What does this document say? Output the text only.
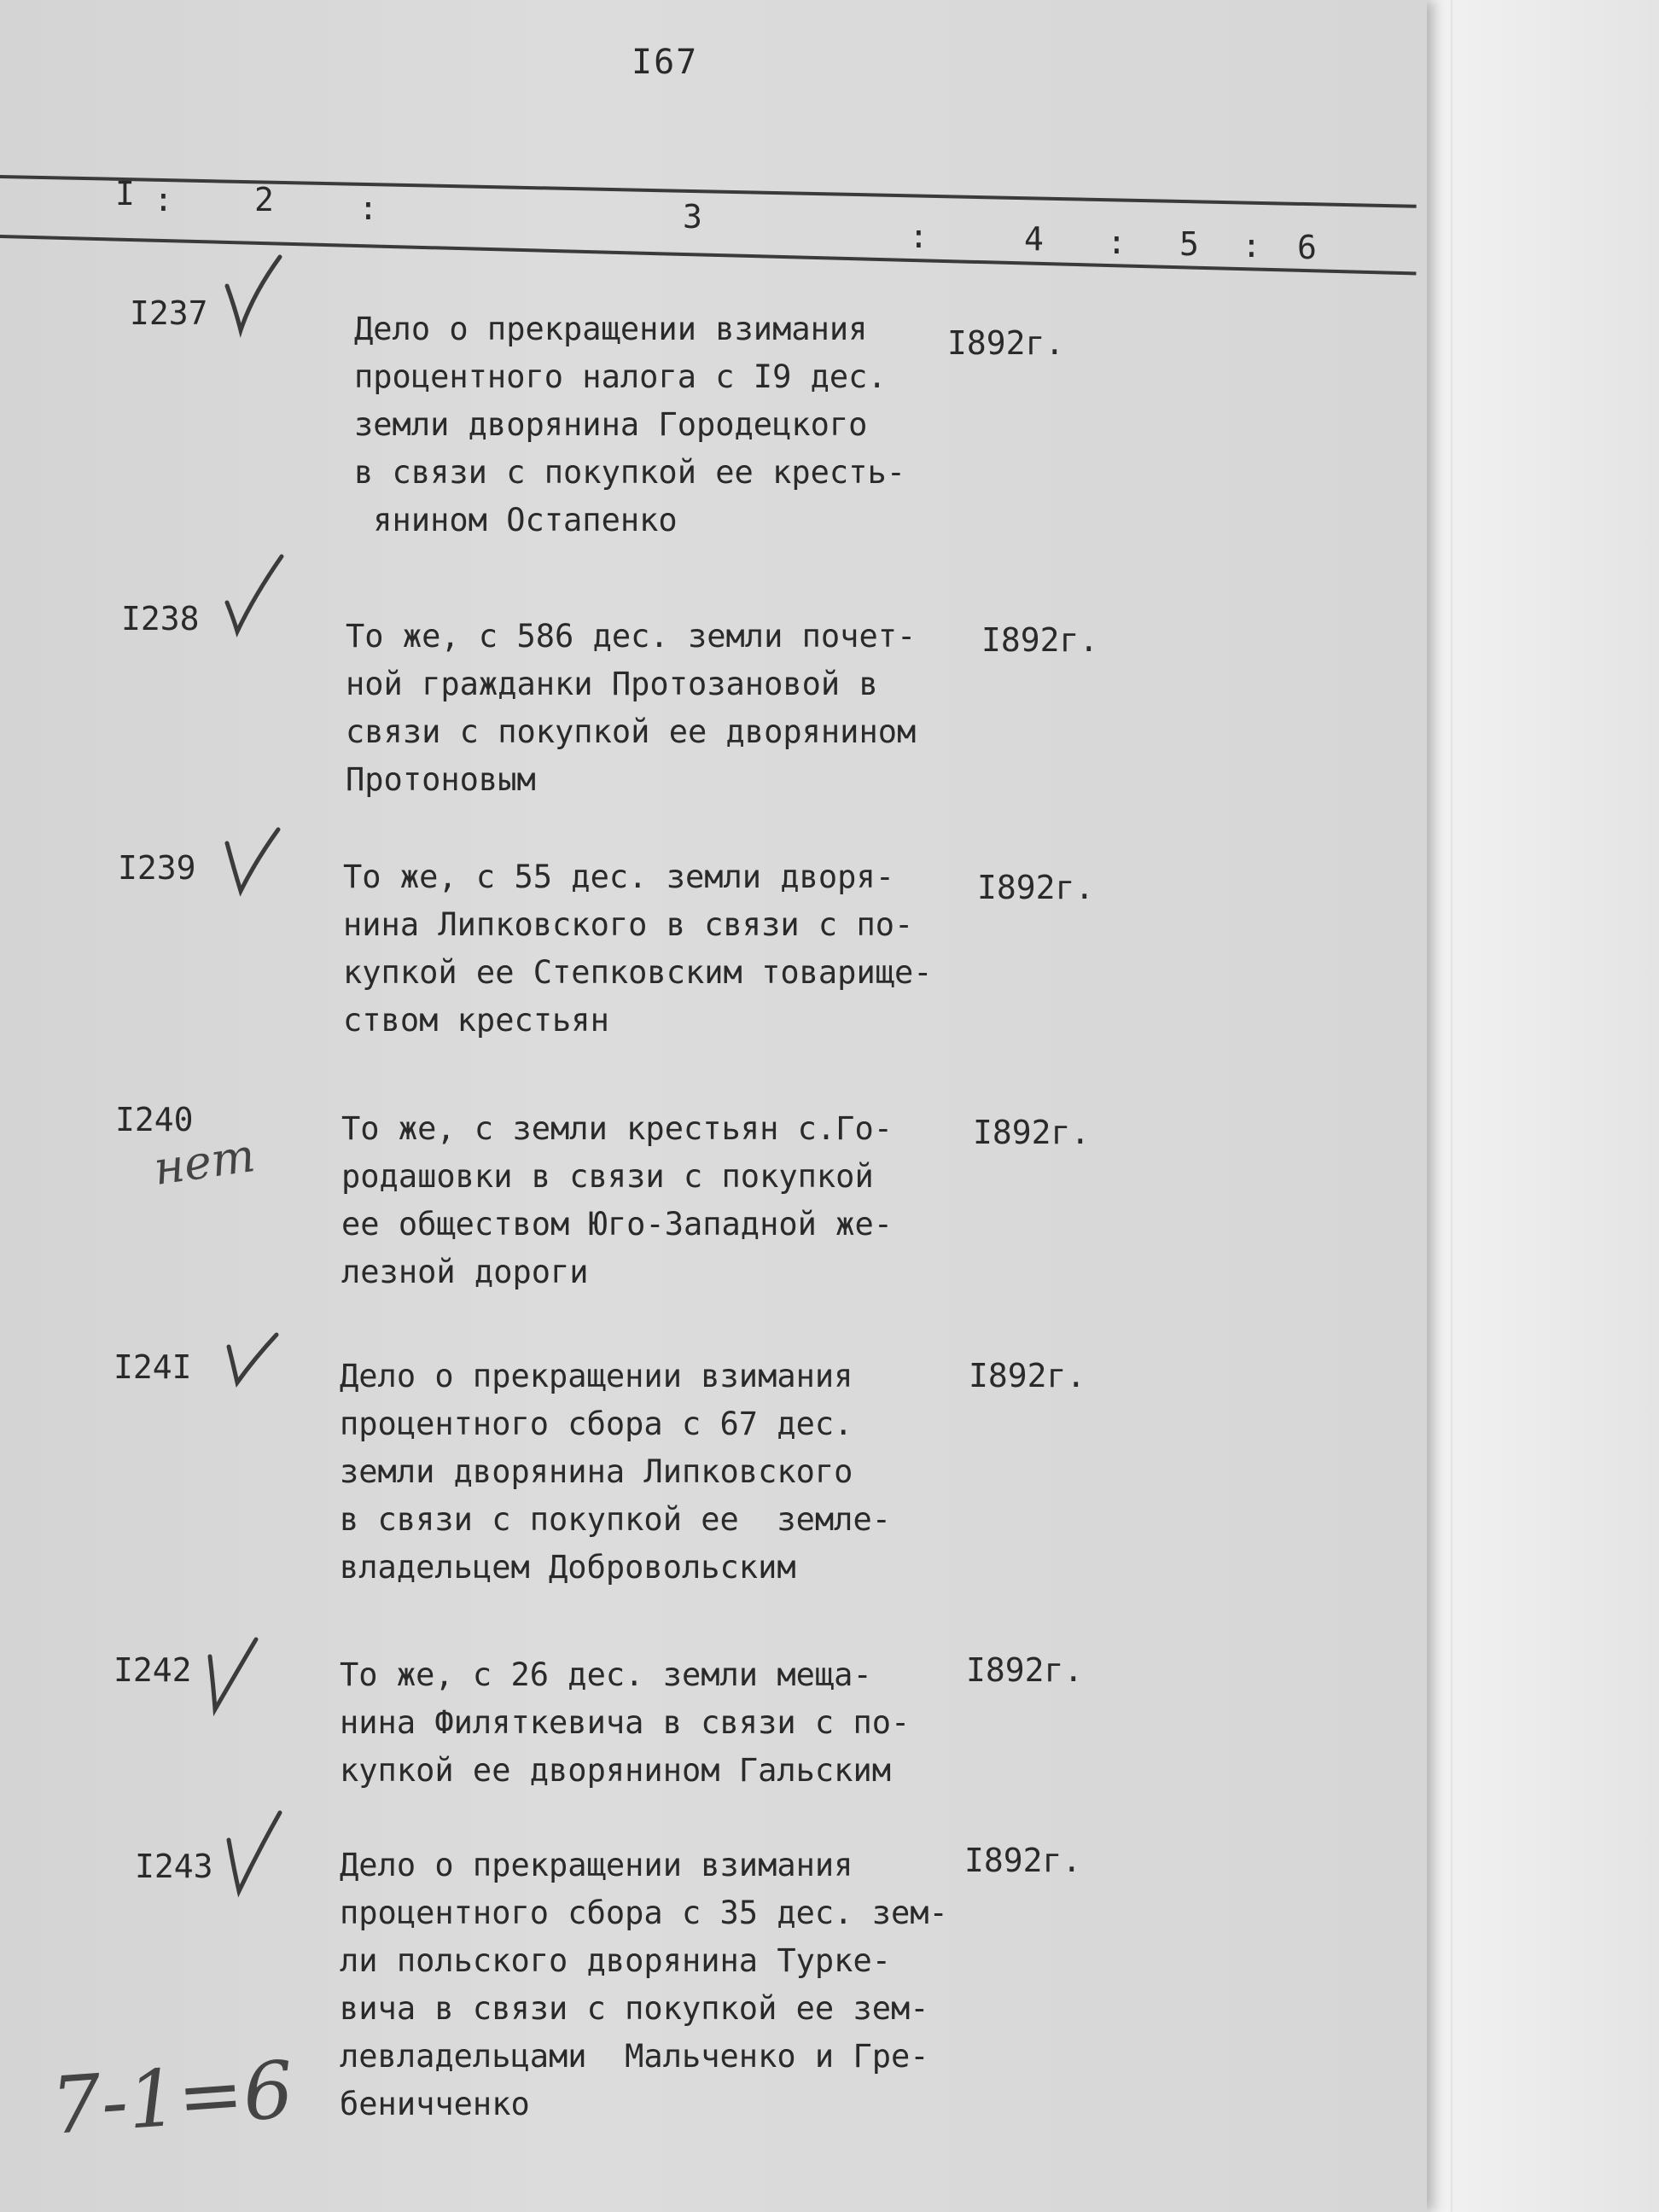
I67
I :	2	:	3
:	4 : 5 : 6
I237	Дело о прекращении взимания
процентного налога с I9 дес.
земли дворянина Городецкого
в связи с покупкой ее кресть-
янином Остапенко
I892г.
I238	То же, с 586 дес. земли почет-
ной гражданки Протозановой в
связи с покупкой ее дворянином
Протоновым
I892г.
I239	То же, с 55 дес. земли дворя-
нина Липковского в связи с по-
купкой ее Степковским товарище-
ством крестьян
I892г.
I240
нет	То же, с земли крестьян с.Го-
родашовки в связи с покупкой
ее обществом Юго-Западной же-
лезной дороги
I892г.
I24I	Дело о прекращении взимания
процентного сбора с 67 дес.
земли дворянина Липковского
в связи с покупкой ее  земле-
владельцем Добровольским
I892г.
I242	То же, с 26 дес. земли меща-
нина Филяткевича в связи с по-
купкой ее дворянином Гальским
I892г.
I243	Дело о прекращении взимания
процентного сбора с 35 дес. зем-
ли польского дворянина Турке-
вича в связи с покупкой ее зем-
левладельцами  Мальченко и Гре-
беничченко
I892г.
7-1=6
